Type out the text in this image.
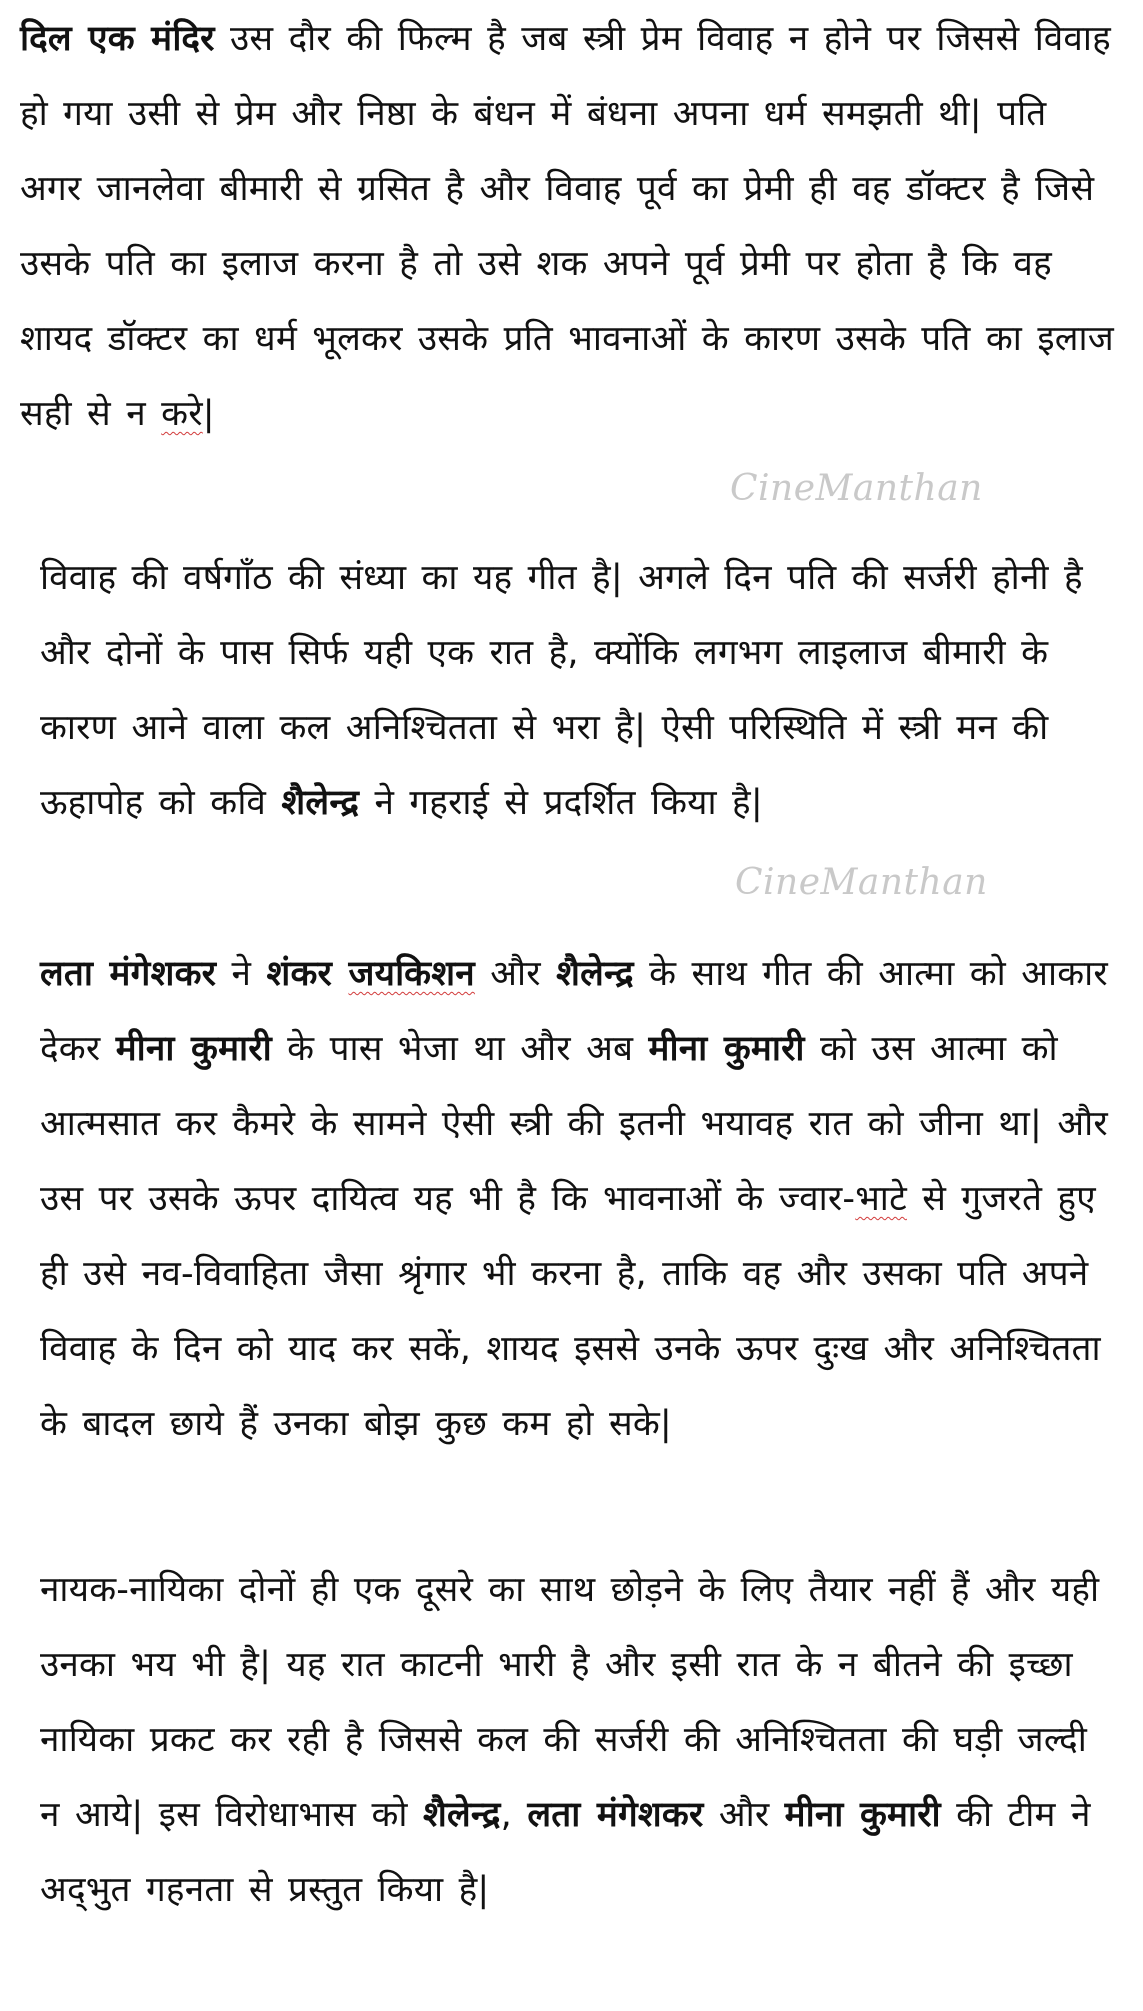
दिल एक मंदिर उस दौर की फिल्म है जब स्त्री प्रेम विवाह न होने पर जिससे विवाह हो गया उसी से प्रेम और निष्ठा के बंधन में बंधना अपना धर्म समझती थी| पति अगर जानलेवा बीमारी से ग्रसित है और विवाह पूर्व का प्रेमी ही वह डॉक्टर है जिसे उसके पति का इलाज करना है तो उसे शक अपने पूर्व प्रेमी पर होता है कि वह शायद डॉक्टर का धर्म भूलकर उसके प्रति भावनाओं के कारण उसके पति का इलाज सही से न करे|

CineManthan

विवाह की वर्षगाँठ की संध्या का यह गीत है| अगले दिन पति की सर्जरी होनी है और दोनों के पास सिर्फ यही एक रात है, क्योंकि लगभग लाइलाज बीमारी के कारण आने वाला कल अनिश्चितता से भरा है| ऐसी परिस्थिति में स्त्री मन की ऊहापोह को कवि शैलेन्द्र ने गहराई से प्रदर्शित किया है|

CineManthan

लता मंगेशकर ने शंकर जयकिशन और शैलेन्द्र के साथ गीत की आत्मा को आकार देकर मीना कुमारी के पास भेजा था और अब मीना कुमारी को उस आत्मा को आत्मसात कर कैमरे के सामने ऐसी स्त्री की इतनी भयावह रात को जीना था| और उस पर उसके ऊपर दायित्व यह भी है कि भावनाओं के ज्वार-भाटे से गुजरते हुए ही उसे नव-विवाहिता जैसा श्रृंगार भी करना है, ताकि वह और उसका पति अपने विवाह के दिन को याद कर सकें, शायद इससे उनके ऊपर दुःख और अनिश्चितता के बादल छाये हैं उनका बोझ कुछ कम हो सके|

नायक-नायिका दोनों ही एक दूसरे का साथ छोड़ने के लिए तैयार नहीं हैं और यही उनका भय भी है| यह रात काटनी भारी है और इसी रात के न बीतने की इच्छा नायिका प्रकट कर रही है जिससे कल की सर्जरी की अनिश्चितता की घड़ी जल्दी न आये| इस विरोधाभास को शैलेन्द्र, लता मंगेशकर और मीना कुमारी की टीम ने अद्‌भुत गहनता से प्रस्तुत किया है|
